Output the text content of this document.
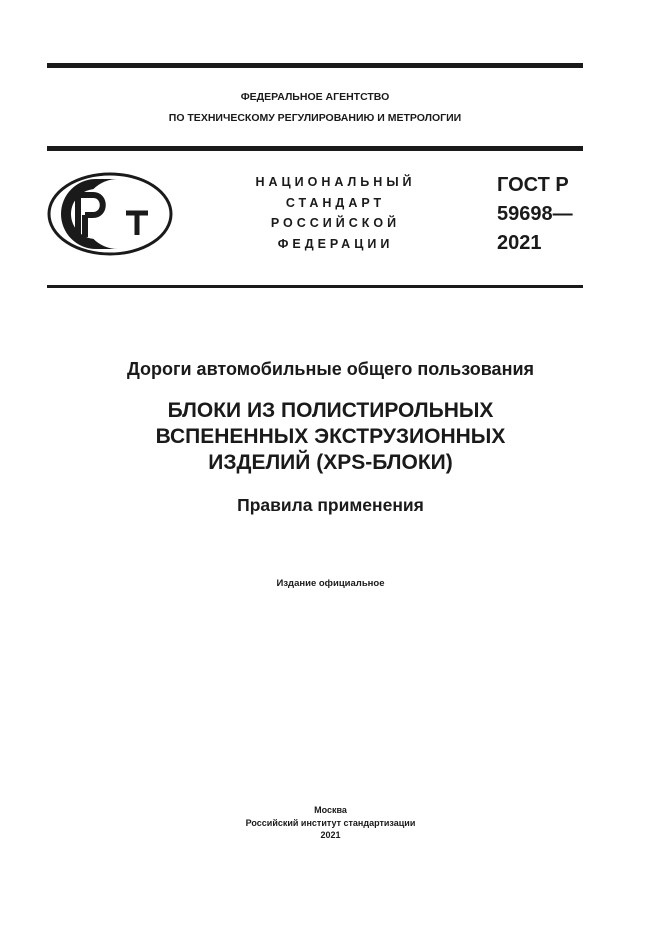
ФЕДЕРАЛЬНОЕ АГЕНТСТВО
ПО ТЕХНИЧЕСКОМУ РЕГУЛИРОВАНИЮ И МЕТРОЛОГИИ
НАЦИОНАЛЬНЫЙ
СТАНДАРТ
РОССИЙСКОЙ
ФЕДЕРАЦИИ
ГОСТ Р
59698—
2021
Дороги автомобильные общего пользования
БЛОКИ ИЗ ПОЛИСТИРОЛЬНЫХ
ВСПЕНЕННЫХ ЭКСТРУЗИОННЫХ
ИЗДЕЛИЙ (XPS-БЛОКИ)
Правила применения
Издание официальное
Москва
Российский институт стандартизации
2021
